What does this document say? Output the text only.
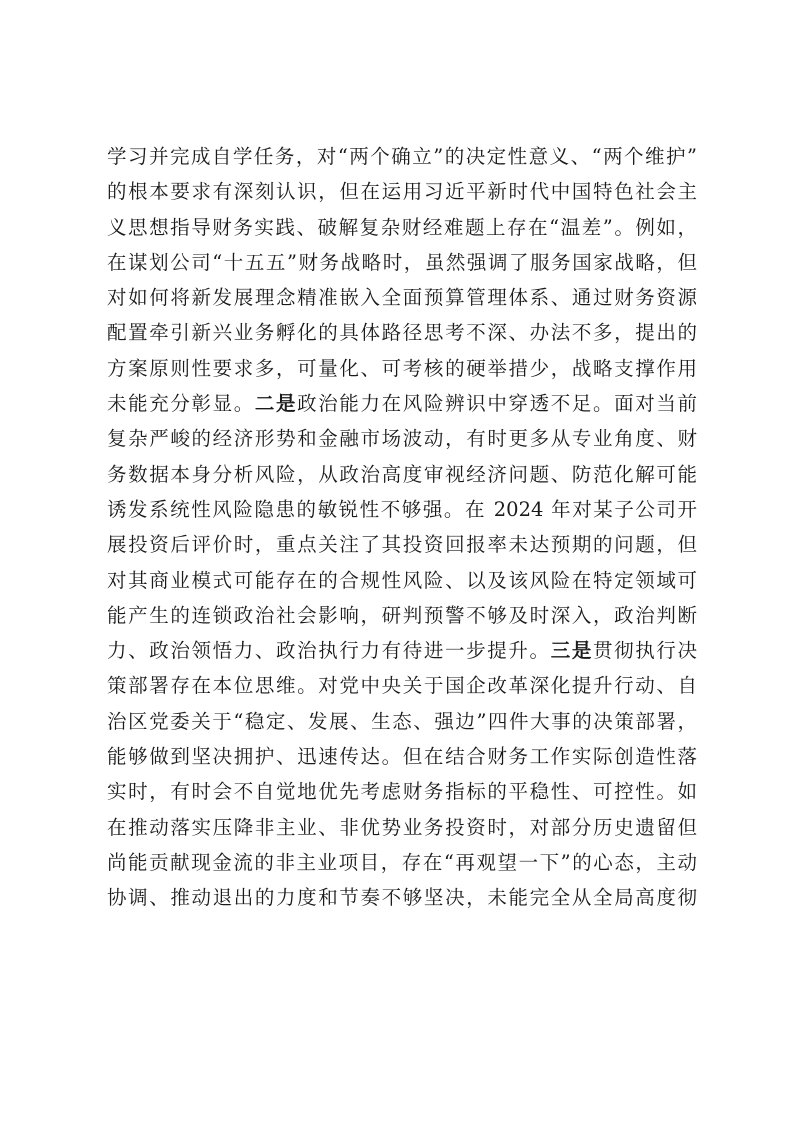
学习并完成自学任务，对“两个确立”的决定性意义、“两个维护”
的根本要求有深刻认识，但在运用习近平新时代中国特色社会主
义思想指导财务实践、破解复杂财经难题上存在“温差”。例如，
在谋划公司“十五五”财务战略时，虽然强调了服务国家战略，但
对如何将新发展理念精准嵌入全面预算管理体系、通过财务资源
配置牵引新兴业务孵化的具体路径思考不深、办法不多，提出的
方案原则性要求多，可量化、可考核的硬举措少，战略支撑作用
未能充分彰显。二是政治能力在风险辨识中穿透不足。面对当前
复杂严峻的经济形势和金融市场波动，有时更多从专业角度、财
务数据本身分析风险，从政治高度审视经济问题、防范化解可能
诱发系统性风险隐患的敏锐性不够强。在 2024 年对某子公司开
展投资后评价时，重点关注了其投资回报率未达预期的问题，但
对其商业模式可能存在的合规性风险、以及该风险在特定领域可
能产生的连锁政治社会影响，研判预警不够及时深入，政治判断
力、政治领悟力、政治执行力有待进一步提升。三是贯彻执行决
策部署存在本位思维。对党中央关于国企改革深化提升行动、自
治区党委关于“稳定、发展、生态、强边”四件大事的决策部署，
能够做到坚决拥护、迅速传达。但在结合财务工作实际创造性落
实时，有时会不自觉地优先考虑财务指标的平稳性、可控性。如
在推动落实压降非主业、非优势业务投资时，对部分历史遗留但
尚能贡献现金流的非主业项目，存在“再观望一下”的心态，主动
协调、推动退出的力度和节奏不够坚决，未能完全从全局高度彻
